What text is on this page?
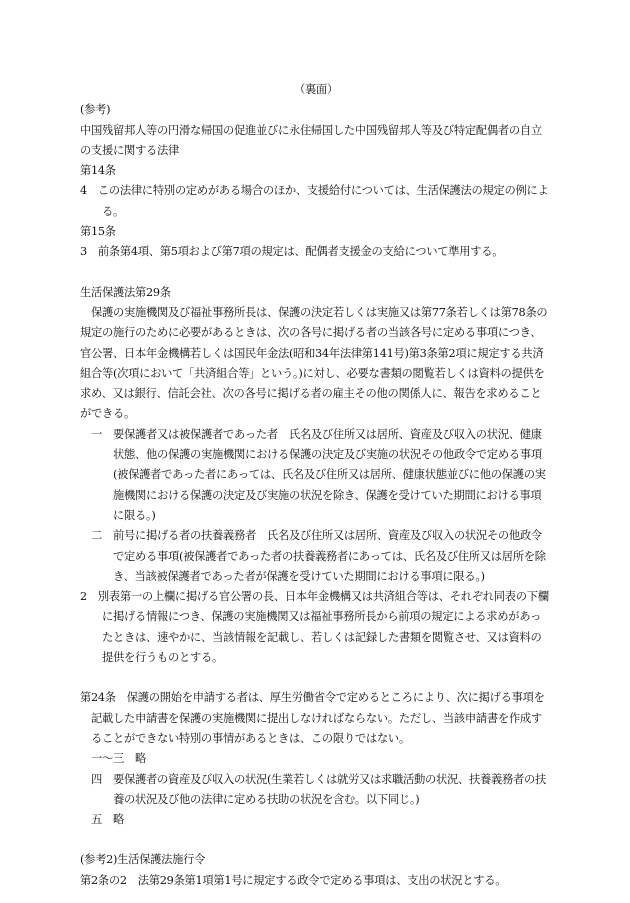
（裏面）

(参考)

中国残留邦人等の円滑な帰国の促進並びに永住帰国した中国残留邦人等及び特定配偶者の自立の支援に関する法律

第14条

4　この法律に特別の定めがある場合のほか、支援給付については、生活保護法の規定の例による。

第15条

3　前条第4項、第5項および第7項の規定は、配偶者支援金の支給について準用する。

生活保護法第29条

保護の実施機関及び福祉事務所長は、保護の決定若しくは実施又は第77条若しくは第78条の規定の施行のために必要があるときは、次の各号に掲げる者の当該各号に定める事項につき、官公署、日本年金機構若しくは国民年金法(昭和34年法律第141号)第3条第2項に規定する共済組合等(次項において「共済組合等」という。)に対し、必要な書類の閲覧若しくは資料の提供を求め、又は銀行、信託会社、次の各号に掲げる者の雇主その他の関係人に、報告を求めることができる。

一　要保護者又は被保護者であった者　氏名及び住所又は居所、資産及び収入の状況、健康状態、他の保護の実施機関における保護の決定及び実施の状況その他政令で定める事項(被保護者であった者にあっては、氏名及び住所又は居所、健康状態並びに他の保護の実施機関における保護の決定及び実施の状況を除き、保護を受けていた期間における事項に限る。)

二　前号に掲げる者の扶養義務者　氏名及び住所又は居所、資産及び収入の状況その他政令で定める事項(被保護者であった者の扶養義務者にあっては、氏名及び住所又は居所を除き、当該被保護者であった者が保護を受けていた期間における事項に限る。)

2　別表第一の上欄に掲げる官公署の長、日本年金機構又は共済組合等は、それぞれ同表の下欄に掲げる情報につき、保護の実施機関又は福祉事務所長から前項の規定による求めがあったときは、速やかに、当該情報を記載し、若しくは記録した書類を閲覧させ、又は資料の提供を行うものとする。

第24条　保護の開始を申請する者は、厚生労働省令で定めるところにより、次に掲げる事項を記載した申請書を保護の実施機関に提出しなければならない。ただし、当該申請書を作成することができない特別の事情があるときは、この限りではない。

一～三　略

四　要保護者の資産及び収入の状況(生業若しくは就労又は求職活動の状況、扶養義務者の扶養の状況及び他の法律に定める扶助の状況を含む。以下同じ。)

五　略

(参考2)生活保護法施行令

第2条の2　法第29条第1項第1号に規定する政令で定める事項は、支出の状況とする。
